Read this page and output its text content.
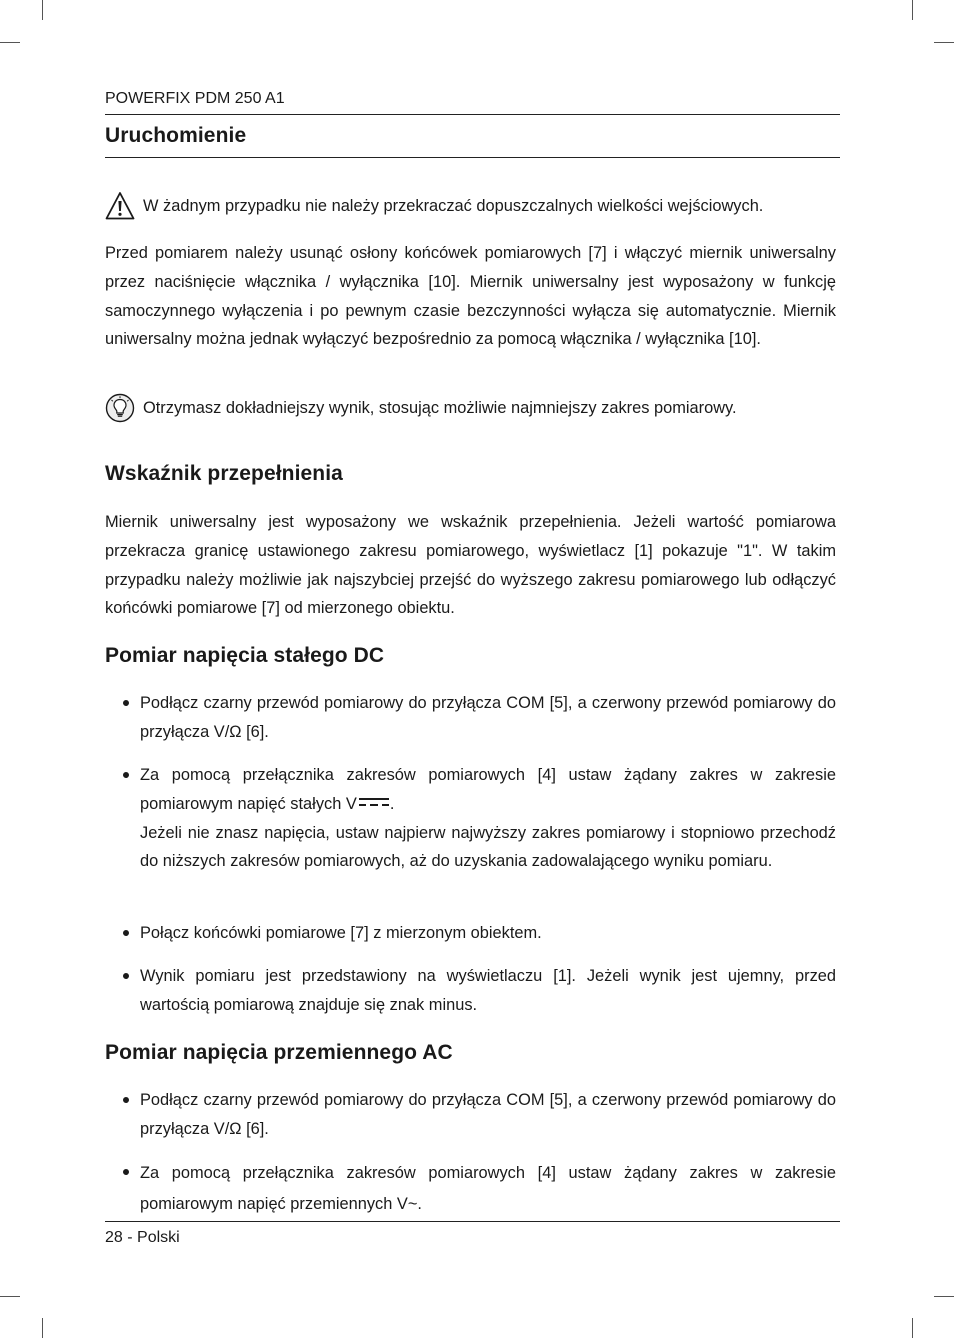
POWERFIX PDM 250 A1
Uruchomienie
W żadnym przypadku nie należy przekraczać dopuszczalnych wielkości wejściowych.

Przed pomiarem należy usunąć osłony końcówek pomiarowych [7] i włączyć miernik uniwersalny przez naciśnięcie włącznika / wyłącznika [10]. Miernik uniwersalny jest wyposażony w funkcję samoczynnego wyłączenia i po pewnym czasie bezczynności wyłącza się automatycznie. Miernik uniwersalny można jednak wyłączyć bezpośrednio za pomocą włącznika / wyłącznika [10].

Otrzymasz dokładniejszy wynik, stosując możliwie najmniejszy zakres pomiarowy.
Wskaźnik przepełnienia

Miernik uniwersalny jest wyposażony we wskaźnik przepełnienia. Jeżeli wartość pomiarowa przekracza granicę ustawionego zakresu pomiarowego, wyświetlacz [1] pokazuje "1". W takim przypadku należy możliwie jak najszybciej przejść do wyższego zakresu pomiarowego lub odłączyć końcówki pomiarowe [7] od mierzonego obiektu.

Pomiar napięcia stałego DC

Podłącz czarny przewód pomiarowy do przyłącza COM [5], a czerwony przewód pomiarowy do przyłącza V/Ω [6].

Za pomocą przełącznika zakresów pomiarowych [4] ustaw żądany zakres w zakresie pomiarowym napięć stałych V .
Jeżeli nie znasz napięcia, ustaw najpierw najwyższy zakres pomiarowy i stopniowo przechodź do niższych zakresów pomiarowych, aż do uzyskania zadowalającego wyniku pomiaru.

Połącz końcówki pomiarowe [7] z mierzonym obiektem.

Wynik pomiaru jest przedstawiony na wyświetlaczu [1]. Jeżeli wynik jest ujemny, przed wartością pomiarową znajduje się znak minus.

Pomiar napięcia przemiennego AC

Podłącz czarny przewód pomiarowy do przyłącza COM [5], a czerwony przewód pomiarowy do przyłącza V/Ω [6].

Za pomocą przełącznika zakresów pomiarowych [4] ustaw żądany zakres w zakresie pomiarowym napięć przemiennych V~.

28 - Polski
